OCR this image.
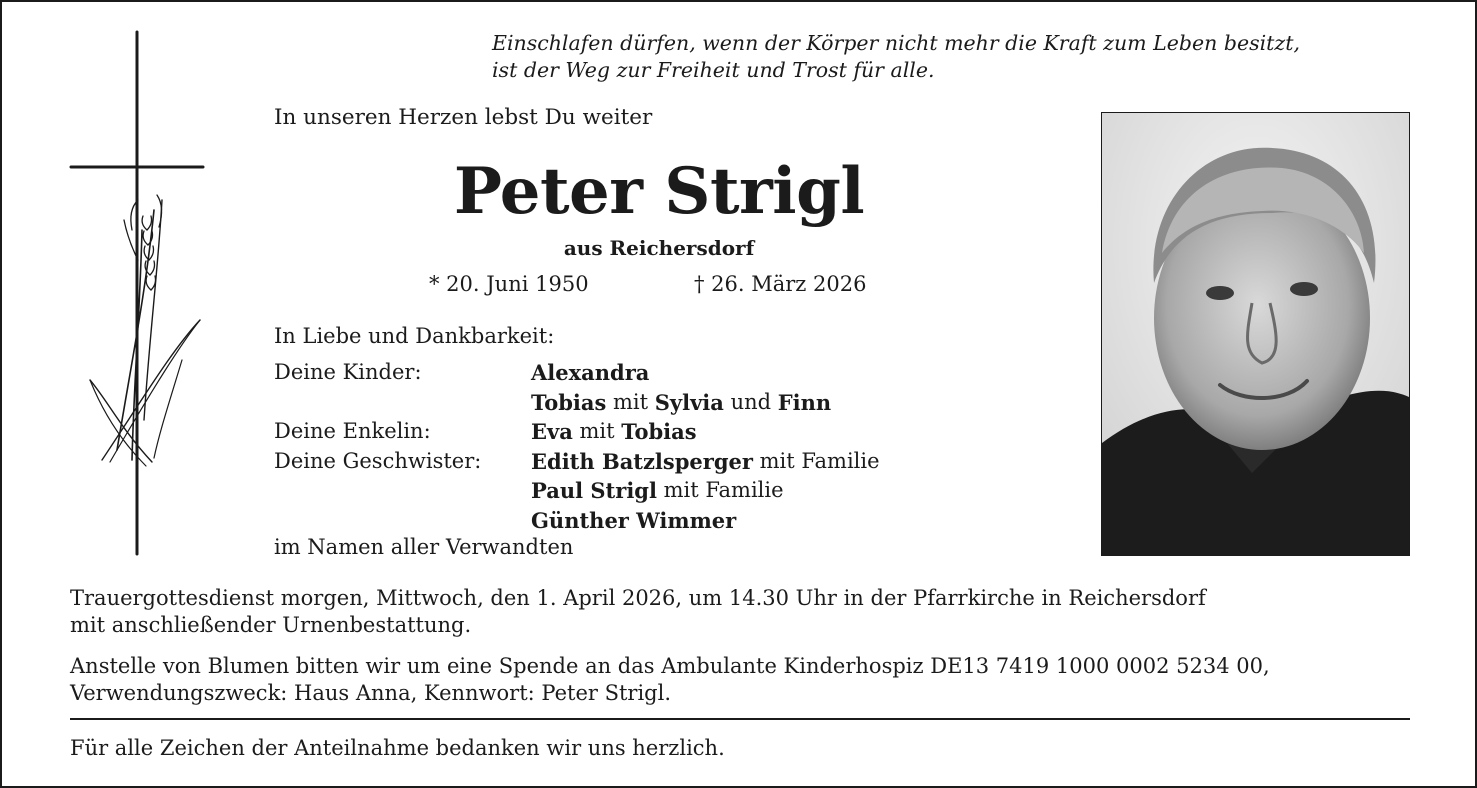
Einschlafen dürfen, wenn der Körper nicht mehr die Kraft zum Leben besitzt,
ist der Weg zur Freiheit und Trost für alle.
In unseren Herzen lebst Du weiter
Peter Strigl
aus Reichersdorf
* 20. Juni 1950	† 26. März 2026
In Liebe und Dankbarkeit:
Deine Kinder:	Alexandra
Tobias mit Sylvia und Finn
Deine Enkelin:	Eva mit Tobias
Deine Geschwister:	Edith Batzlsperger mit Familie
Paul Strigl mit Familie
Günther Wimmer
im Namen aller Verwandten
Trauergottesdienst morgen, Mittwoch, den 1. April 2026, um 14.30 Uhr in der Pfarrkirche in Reichersdorf
mit anschließender Urnenbestattung.
Anstelle von Blumen bitten wir um eine Spende an das Ambulante Kinderhospiz DE13 7419 1000 0002 5234 00,
Verwendungszweck: Haus Anna, Kennwort: Peter Strigl.
Für alle Zeichen der Anteilnahme bedanken wir uns herzlich.
